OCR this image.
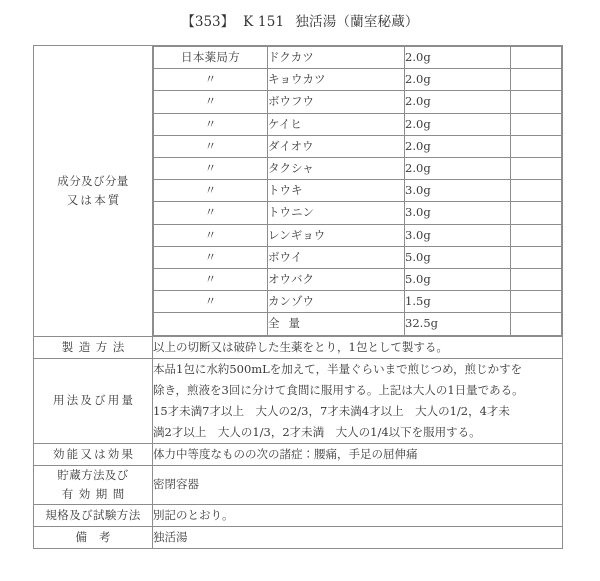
【353】 K 151 独活湯（蘭室秘蔵）
成分及び分量
又は本質

日本薬局方	ドクカツ	2.0g	
〃	キョウカツ	2.0g	
〃	ボウフウ	2.0g	
〃	ケイヒ	2.0g	
〃	ダイオウ	2.0g	
〃	タクシャ	2.0g	
〃	トウキ	3.0g	
〃	トウニン	3.0g	
〃	レンギョウ	3.0g	
〃	ボウイ	5.0g	
〃	オウバク	5.0g	
〃	カンゾウ	1.5g	
	全量	32.5g	

製造方法	以上の切断又は破砕した生薬をとり，1包として製する。

用法及び用量

本品1包に水約500mLを加えて，半量ぐらいまで煎じつめ，煎じかすを

除き，煎液を3回に分けて食間に服用する。上記は大人の1日量である。

15才未満7才以上　大人の2/3，7才未満4才以上　大人の1/2，4才未

満2才以上　大人の1/3，2才未満　大人の1/4以下を服用する。

効能又は効果	体力中等度なものの次の諸症：腰痛，手足の屈伸痛

貯蔵方法及び
有効期間

密閉容器

規格及び試験方法	別記のとおり。

備考	独活湯
